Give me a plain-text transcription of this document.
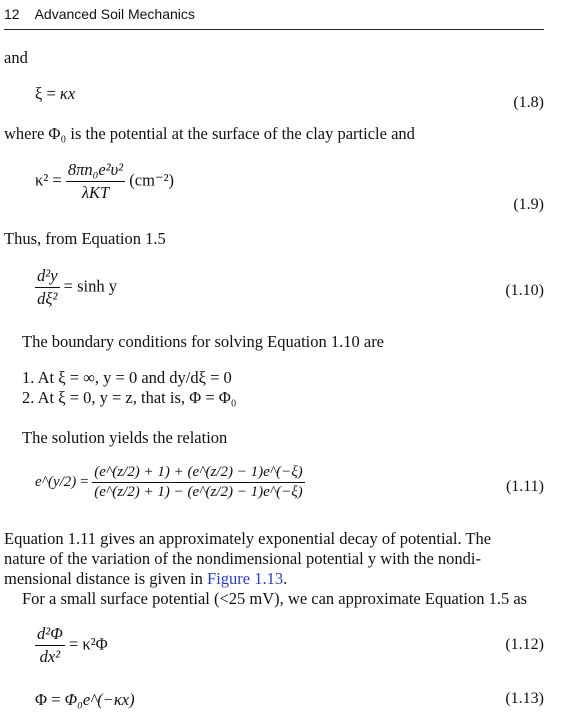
12 Advanced Soil Mechanics
and
ξ = κx	(1.8)
where Φ₀ is the potential at the surface of the clay particle and
$\kappa^2 = \frac{\text{8πn₀e²υ²}}{\text{λKT}} (cm^{-2})$
(1.9)
Thus, from Equation 1.5
$\frac{\text{d²y}}{\text{dξ²}} = \sinh y$	(1.10)
The boundary conditions for solving Equation 1.10 are
1. At ξ = ∞, y = 0 and dy/dξ = 0
2. At ξ = 0, y = z, that is, Φ = Φ₀
The solution yields the relation
e^(y/2) = $\frac{(e\^{}(z/2) + 1) + (e\^{}(z/2) - 1)e\^{}(-\xi)}{(e\^{}(z/2) + 1) - (e\^{}(z/2) - 1)e\^{}(-\xi)}$	(1.11)
Equation 1.11 gives an approximately exponential decay of potential. The
nature of the variation of the nondimensional potential y with the nondi-
mensional distance is given in Figure 1.13.
For a small surface potential (<25 mV), we can approximate Equation 1.5 as
$\frac{\text{d²Φ}}{\text{dx²}} = \kappa^2\Phi$	(1.12)
Φ = Φ₀e^(−κx)	(1.13)
